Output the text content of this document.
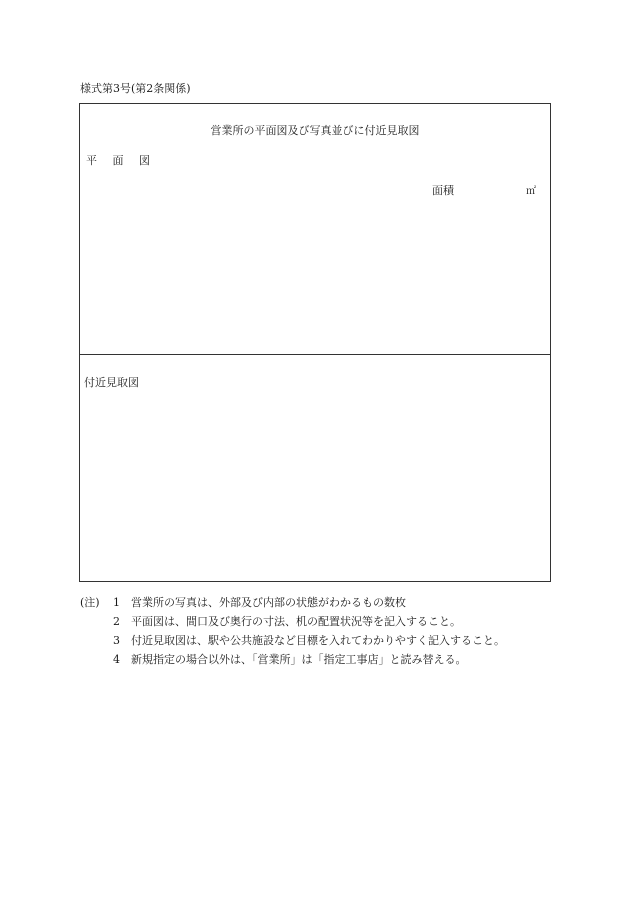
様式第3号(第2条関係)
営業所の平面図及び写真並びに付近見取図
平 面 図
面積	㎡
付近見取図
(注)	1	営業所の写真は、外部及び内部の状態がわかるもの数枚
2	平面図は、間口及び奥行の寸法、机の配置状況等を記入すること。
3	付近見取図は、駅や公共施設など目標を入れてわかりやすく記入すること。
4	新規指定の場合以外は、「営業所」は「指定工事店」と読み替える。
